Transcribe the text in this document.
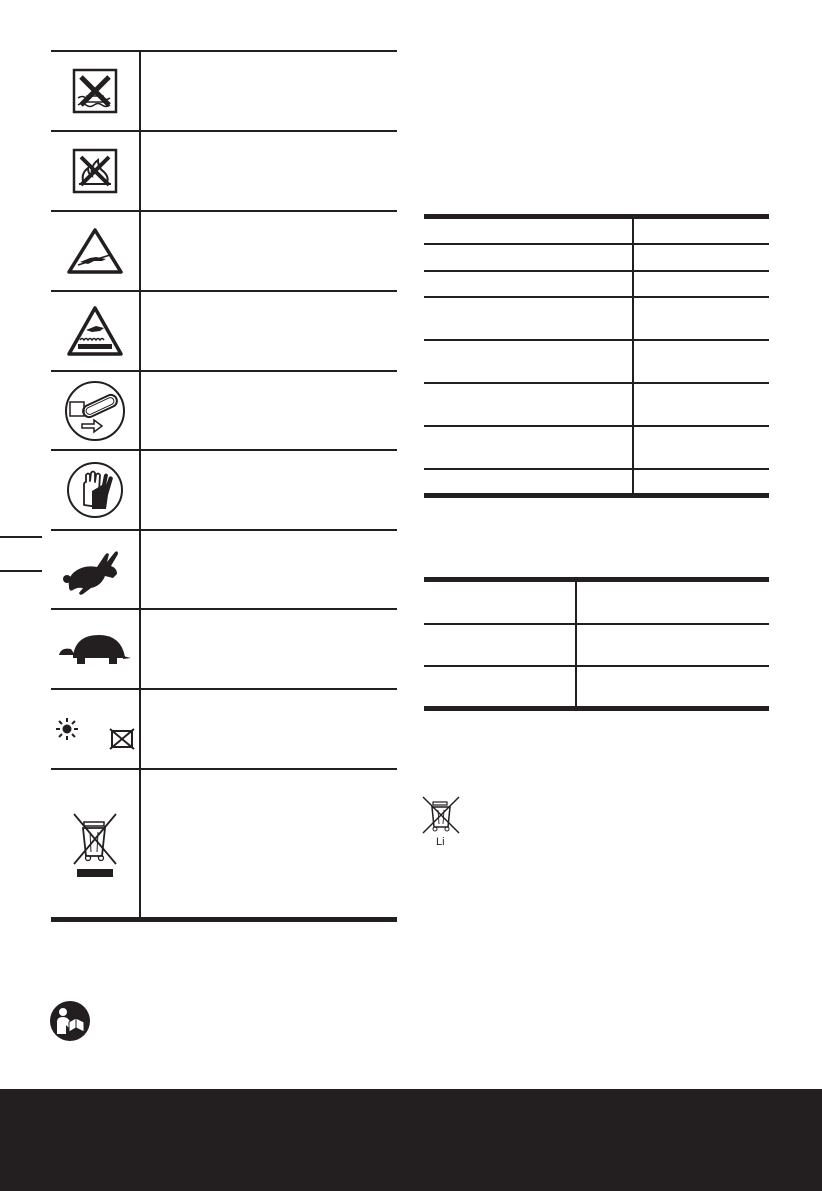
Li
